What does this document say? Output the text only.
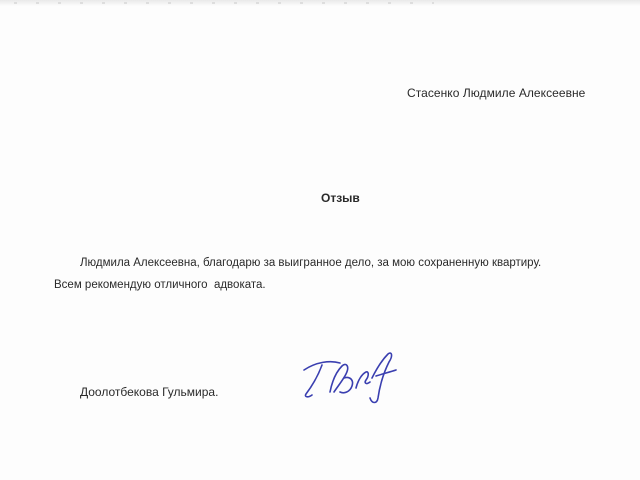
Стасенко Людмиле Алексеевне
Отзыв
Людмила Алексеевна, благодарю за выигранное дело, за мою сохраненную квартиру.
Всем рекомендую отличного  адвоката.
Доолотбекова Гульмира.
